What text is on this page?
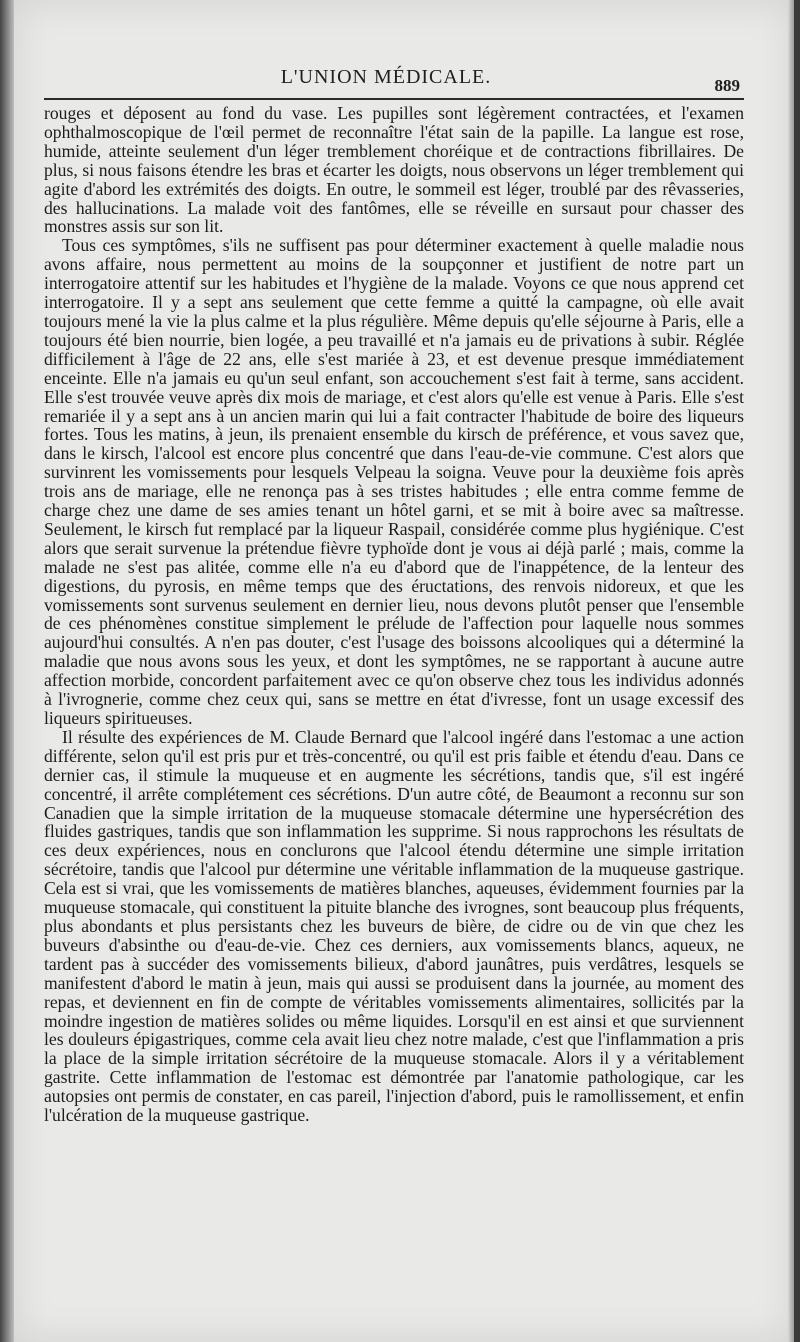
L'UNION MÉDICALE.	889

rouges et déposent au fond du vase. Les pupilles sont légèrement contractées, et l'examen ophthalmoscopique de l'œil permet de reconnaître l'état sain de la papille. La langue est rose, humide, atteinte seulement d'un léger tremblement choréique et de contractions fibrillaires. De plus, si nous faisons étendre les bras et écarter les doigts, nous observons un léger tremblement qui agite d'abord les extrémités des doigts. En outre, le sommeil est léger, troublé par des rêvasseries, des hallucinations. La malade voit des fantômes, elle se réveille en sursaut pour chasser des monstres assis sur son lit.

Tous ces symptômes, s'ils ne suffisent pas pour déterminer exactement à quelle maladie nous avons affaire, nous permettent au moins de la soupçonner et justifient de notre part un interrogatoire attentif sur les habitudes et l'hygiène de la malade. Voyons ce que nous apprend cet interrogatoire. Il y a sept ans seulement que cette femme a quitté la campagne, où elle avait toujours mené la vie la plus calme et la plus régulière. Même depuis qu'elle séjourne à Paris, elle a toujours été bien nourrie, bien logée, a peu travaillé et n'a jamais eu de privations à subir. Réglée difficilement à l'âge de 22 ans, elle s'est mariée à 23, et est devenue presque immédiatement enceinte. Elle n'a jamais eu qu'un seul enfant, son accouchement s'est fait à terme, sans accident. Elle s'est trouvée veuve après dix mois de mariage, et c'est alors qu'elle est venue à Paris. Elle s'est remariée il y a sept ans à un ancien marin qui lui a fait contracter l'habitude de boire des liqueurs fortes. Tous les matins, à jeun, ils prenaient ensemble du kirsch de préférence, et vous savez que, dans le kirsch, l'alcool est encore plus concentré que dans l'eau-de-vie commune. C'est alors que survinrent les vomissements pour lesquels Velpeau la soigna. Veuve pour la deuxième fois après trois ans de mariage, elle ne renonça pas à ses tristes habitudes ; elle entra comme femme de charge chez une dame de ses amies tenant un hôtel garni, et se mit à boire avec sa maîtresse. Seulement, le kirsch fut remplacé par la liqueur Raspail, considérée comme plus hygiénique. C'est alors que serait survenue la prétendue fièvre typhoïde dont je vous ai déjà parlé ; mais, comme la malade ne s'est pas alitée, comme elle n'a eu d'abord que de l'inappétence, de la lenteur des digestions, du pyrosis, en même temps que des éructations, des renvois nidoreux, et que les vomissements sont survenus seulement en dernier lieu, nous devons plutôt penser que l'ensemble de ces phénomènes constitue simplement le prélude de l'affection pour laquelle nous sommes aujourd'hui consultés. A n'en pas douter, c'est l'usage des boissons alcooliques qui a déterminé la maladie que nous avons sous les yeux, et dont les symptômes, ne se rapportant à aucune autre affection morbide, concordent parfaitement avec ce qu'on observe chez tous les individus adonnés à l'ivrognerie, comme chez ceux qui, sans se mettre en état d'ivresse, font un usage excessif des liqueurs spiritueuses.

Il résulte des expériences de M. Claude Bernard que l'alcool ingéré dans l'estomac a une action différente, selon qu'il est pris pur et très-concentré, ou qu'il est pris faible et étendu d'eau. Dans ce dernier cas, il stimule la muqueuse et en augmente les sécrétions, tandis que, s'il est ingéré concentré, il arrête complétement ces sécrétions. D'un autre côté, de Beaumont a reconnu sur son Canadien que la simple irritation de la muqueuse stomacale détermine une hypersécrétion des fluides gastriques, tandis que son inflammation les supprime. Si nous rapprochons les résultats de ces deux expériences, nous en conclurons que l'alcool étendu détermine une simple irritation sécrétoire, tandis que l'alcool pur détermine une véritable inflammation de la muqueuse gastrique. Cela est si vrai, que les vomissements de matières blanches, aqueuses, évidemment fournies par la muqueuse stomacale, qui constituent la pituite blanche des ivrognes, sont beaucoup plus fréquents, plus abondants et plus persistants chez les buveurs de bière, de cidre ou de vin que chez les buveurs d'absinthe ou d'eau-de-vie. Chez ces derniers, aux vomissements blancs, aqueux, ne tardent pas à succéder des vomissements bilieux, d'abord jaunâtres, puis verdâtres, lesquels se manifestent d'abord le matin à jeun, mais qui aussi se produisent dans la journée, au moment des repas, et deviennent en fin de compte de véritables vomissements alimentaires, sollicités par la moindre ingestion de matières solides ou même liquides. Lorsqu'il en est ainsi et que surviennent les douleurs épigastriques, comme cela avait lieu chez notre malade, c'est que l'inflammation a pris la place de la simple irritation sécrétoire de la muqueuse stomacale. Alors il y a véritablement gastrite. Cette inflammation de l'estomac est démontrée par l'anatomie pathologique, car les autopsies ont permis de constater, en cas pareil, l'injection d'abord, puis le ramollissement, et enfin l'ulcération de la muqueuse gastrique.
